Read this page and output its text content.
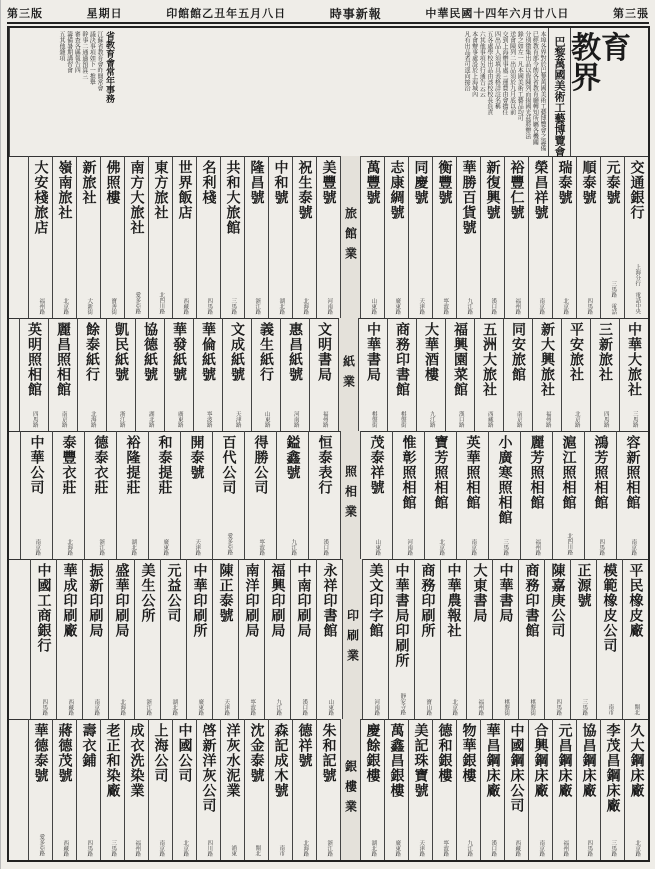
第三張
中華民國十四年六月廿八日
時事新報
印館館乙丑年五月八日
星期日
第三版
教育界
巴黎萬國美術工藝博覽會
本埠各界對於巴黎萬國美術工藝博覽會之籌備
已經教育部令飭各省教育廳轉知所屬各機關
分別徵集出品以資陳列而揚國光茲將辦法
錄之如左一凡本國美術工藝品均可
送會陳列二出品須於九月底以前
交到上海辦事處三運費由會擔任
四出品人須填具表格詳註名稱
五各處學校出品由該校校長負責
六其他事項另行通告云云
本會辦事處設於上海城內
凡有出品者可逕向接洽
省教育會常年事務
江蘇省教育會昨開常會
議決事項如下一推舉
幹事二通過預算三
審查各縣報告四
籌備暑期講習會
五其他雜項
交通銀行
上海分行 電話中央
元泰號
三馬路 電話
順泰號
四馬路
瑞泰號
北京路
榮昌祥號
南京路
裕豐仁號
福州路
新復興號
漢口路
華勝百貨號
九江路
衡豐號
寧波路
同慶號
天津路
志康綢號
廣東路
萬豐號
山東路
旅館業
美豐號
河南路
祝生泰號
北海路
中和號
湖北路
隆昌號
浙江路
共和大旅館
三馬路
名利棧
四馬路
世界飯店
西藏路
東方旅社
北四川路
南方大旅社
愛多亞路
佛照樓
寶善街
新旅社
大新街
嶺南旅社
北京路
大安棧旅店
福州路
中華大旅社
三馬路
三新旅社
四馬路
平安旅社
北京路
新大興旅社
福州路
同安旅館
南京路
五洲大旅社
西藏路
福興園菜館
漢口路
大華酒樓
九江路
商務印書館
棋盤街
中華書局
棋盤街
紙業
文明書局
福州路
惠昌紙號
河南路
義生紙行
山東路
文成紙號
天津路
華倫紙號
寧波路
華發紙號
廣東路
協德紙號
湖北路
凱民紙號
浙江路
餘泰紙行
北海路
麗昌照相館
南京路
英明照相館
四馬路
容新照相館
南京路
鴻芳照相館
四馬路
滬江照相館
北四川路
麗芳照相館
福州路
小廣寒照相館
三馬路
英華照相館
南京路
寶芳照相館
北京路
惟彰照相館
河南路
茂泰祥號
山東路
照相業
恒泰表行
漢口路
鎰鑫號
九江路
得勝公司
寧波路
百代公司
愛多亞路
開泰號
天津路
和泰提莊
廣東路
裕隆提莊
湖北路
德泰衣莊
浙江路
泰豐衣莊
北海路
中華公司
南京路
平民橡皮廠
閘北
模範橡皮公司
南市
正源號
三馬路
陳嘉庚公司
四馬路
商務印書館
棋盤街
中華書局
棋盤街
大東書局
福州路
中華農報社
北京路
商務印刷所
寶山路
中華書局印刷所
靜安寺路
美文印字館
河南路
印刷業
永祥印書館
山東路
中南印刷局
漢口路
福興印刷局
九江路
南洋印刷局
寧波路
陳正泰號
天津路
中華印刷所
廣東路
元益公司
湖北路
美生公所
浙江路
盛華印刷局
北海路
振新印刷局
南京路
華成印刷廠
西藏路
中國工商銀行
四馬路
久大鋼床廠
北京路
李茂昌鋼床廠
三馬路
協昌鋼床廠
四馬路
元昌鋼床廠
福州路
合興鋼床廠
南京路
中國鋼床公司
西藏路
華昌鋼床廠
漢口路
物華銀樓
九江路
德和銀樓
寧波路
美記珠寶號
天津路
萬鑫昌銀樓
廣東路
慶餘銀樓
湖北路
銀樓業
朱和記號
浙江路
德祥號
北海路
森記成木號
南市
沈金泰號
閘北
洋灰水泥業
浦東
啓新洋灰公司
四川路
中國公司
北京路
上海公司
南京路
成衣洗染業
福州路
老正和染廠
三馬路
壽衣鋪
四馬路
蔣德茂號
西藏路
華德泰號
愛多亞路
